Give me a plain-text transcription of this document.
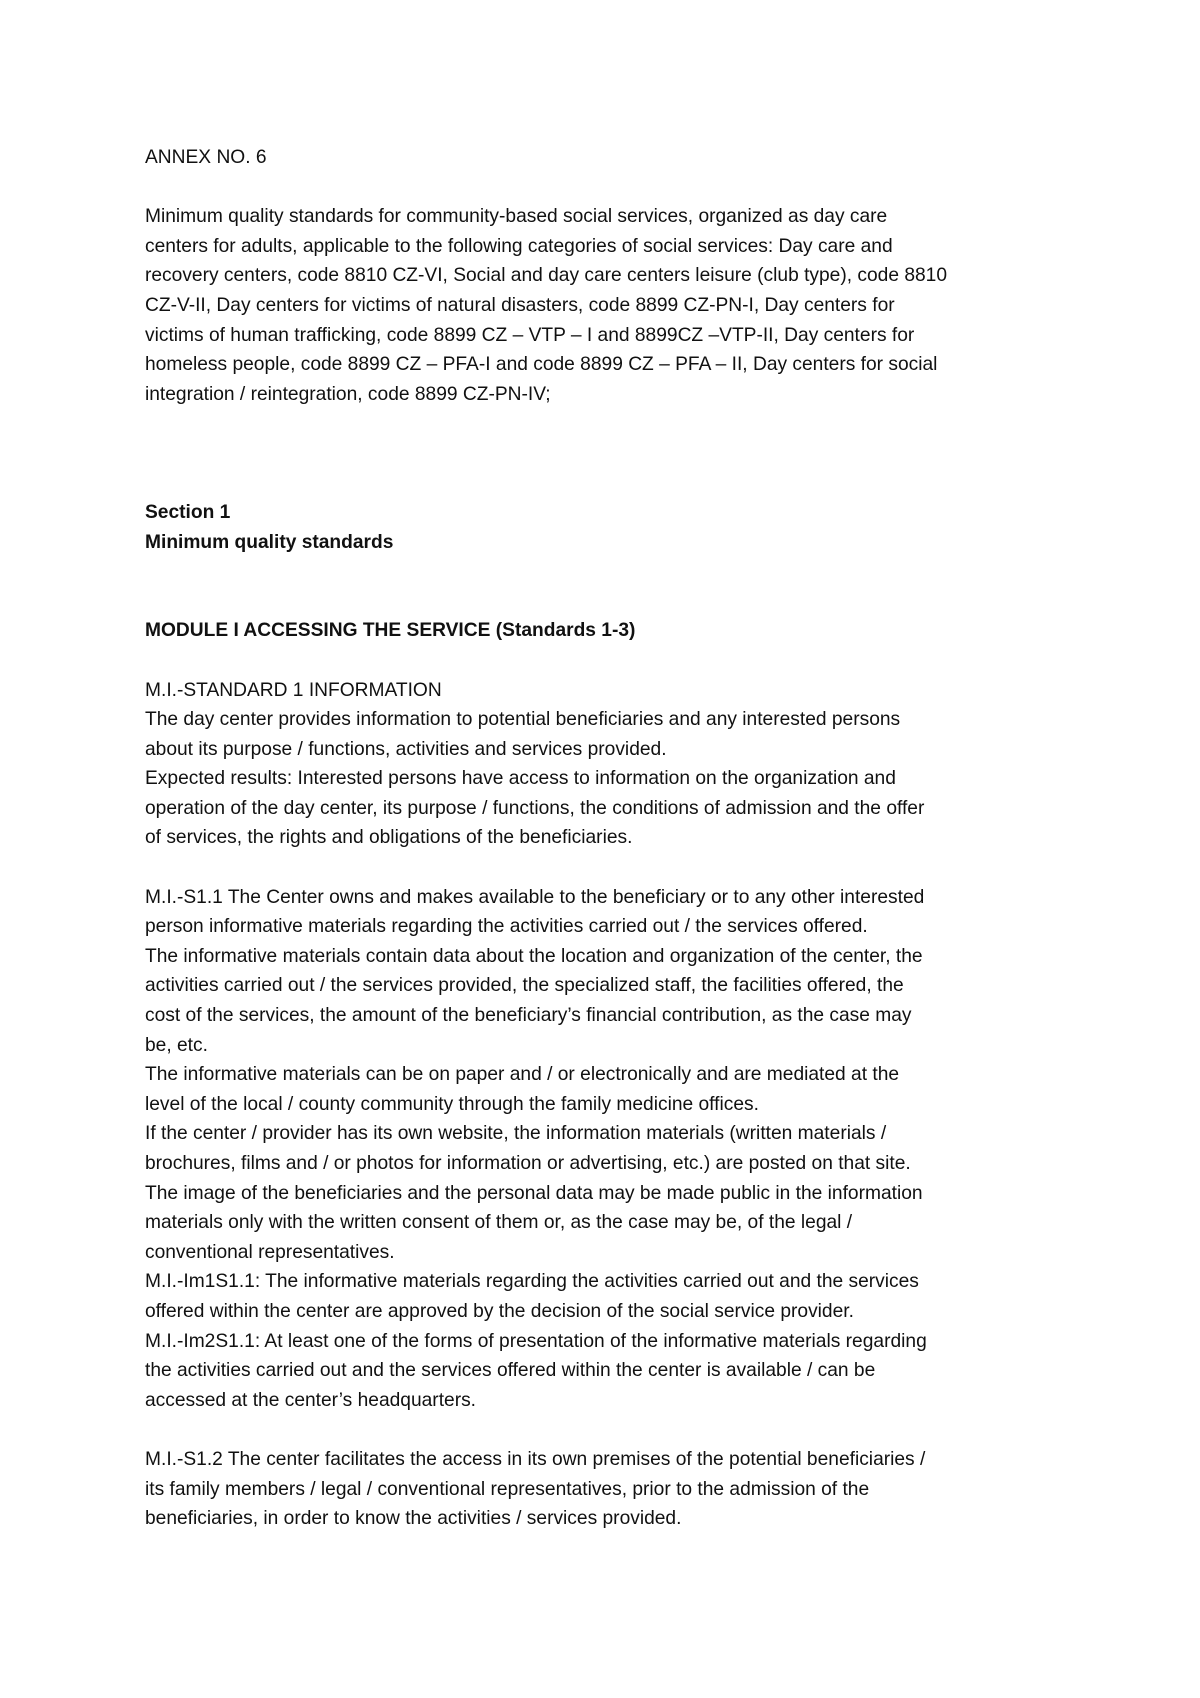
ANNEX NO. 6

Minimum quality standards for community-based social services, organized as day care

centers for adults, applicable to the following categories of social services: Day care and

recovery centers, code 8810 CZ-VI, Social and day care centers leisure (club type), code 8810

CZ-V-II, Day centers for victims of natural disasters, code 8899 CZ-PN-I, Day centers for

victims of human trafficking, code 8899 CZ – VTP – I and 8899CZ –VTP-II, Day centers for

homeless people, code 8899 CZ – PFA-I and code 8899 CZ – PFA – II, Day centers for social

integration / reintegration, code 8899 CZ-PN-IV;

Section 1

Minimum quality standards

MODULE I ACCESSING THE SERVICE (Standards 1-3)

M.I.-STANDARD 1 INFORMATION

The day center provides information to potential beneficiaries and any interested persons

about its purpose / functions, activities and services provided.

Expected results: Interested persons have access to information on the organization and

operation of the day center, its purpose / functions, the conditions of admission and the offer

of services, the rights and obligations of the beneficiaries.

M.I.-S1.1 The Center owns and makes available to the beneficiary or to any other interested

person informative materials regarding the activities carried out / the services offered.

The informative materials contain data about the location and organization of the center, the

activities carried out / the services provided, the specialized staff, the facilities offered, the

cost of the services, the amount of the beneficiary’s financial contribution, as the case may

be, etc.

The informative materials can be on paper and / or electronically and are mediated at the

level of the local / county community through the family medicine offices.

If the center / provider has its own website, the information materials (written materials /

brochures, films and / or photos for information or advertising, etc.) are posted on that site.

The image of the beneficiaries and the personal data may be made public in the information

materials only with the written consent of them or, as the case may be, of the legal /

conventional representatives.

M.I.-Im1S1.1: The informative materials regarding the activities carried out and the services

offered within the center are approved by the decision of the social service provider.

M.I.-Im2S1.1: At least one of the forms of presentation of the informative materials regarding

the activities carried out and the services offered within the center is available / can be

accessed at the center’s headquarters.

M.I.-S1.2 The center facilitates the access in its own premises of the potential beneficiaries /

its family members / legal / conventional representatives, prior to the admission of the

beneficiaries, in order to know the activities / services provided.
